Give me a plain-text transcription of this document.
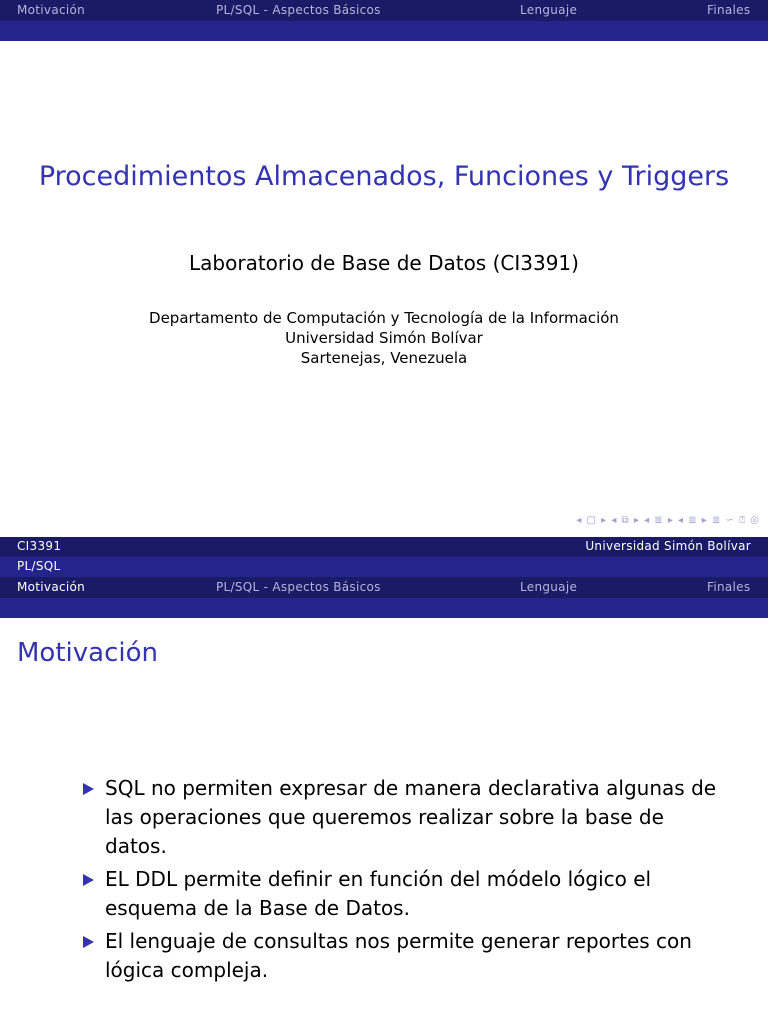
Motivación	PL/SQL - Aspectos Básicos	Lenguaje	Finales
Procedimientos Almacenados, Funciones y Triggers
Laboratorio de Base de Datos (CI3391)
Departamento de Computación y Tecnología de la Información
Universidad Simón Bolívar
Sartenejas, Venezuela
◂ ▢ ▸ ◂ ⧉ ▸ ◂ ≣ ▸ ◂ ≣ ▸ ≣ ∽ ⍰ ◎
CI3391	Universidad Simón Bolívar
PL/SQL
Motivación	PL/SQL - Aspectos Básicos	Lenguaje	Finales
Motivación
SQL no permiten expresar de manera declarativa algunas de las operaciones que queremos realizar sobre la base de datos.
EL DDL permite definir en función del módelo lógico el esquema de la Base de Datos.
El lenguaje de consultas nos permite generar reportes con lógica compleja.
